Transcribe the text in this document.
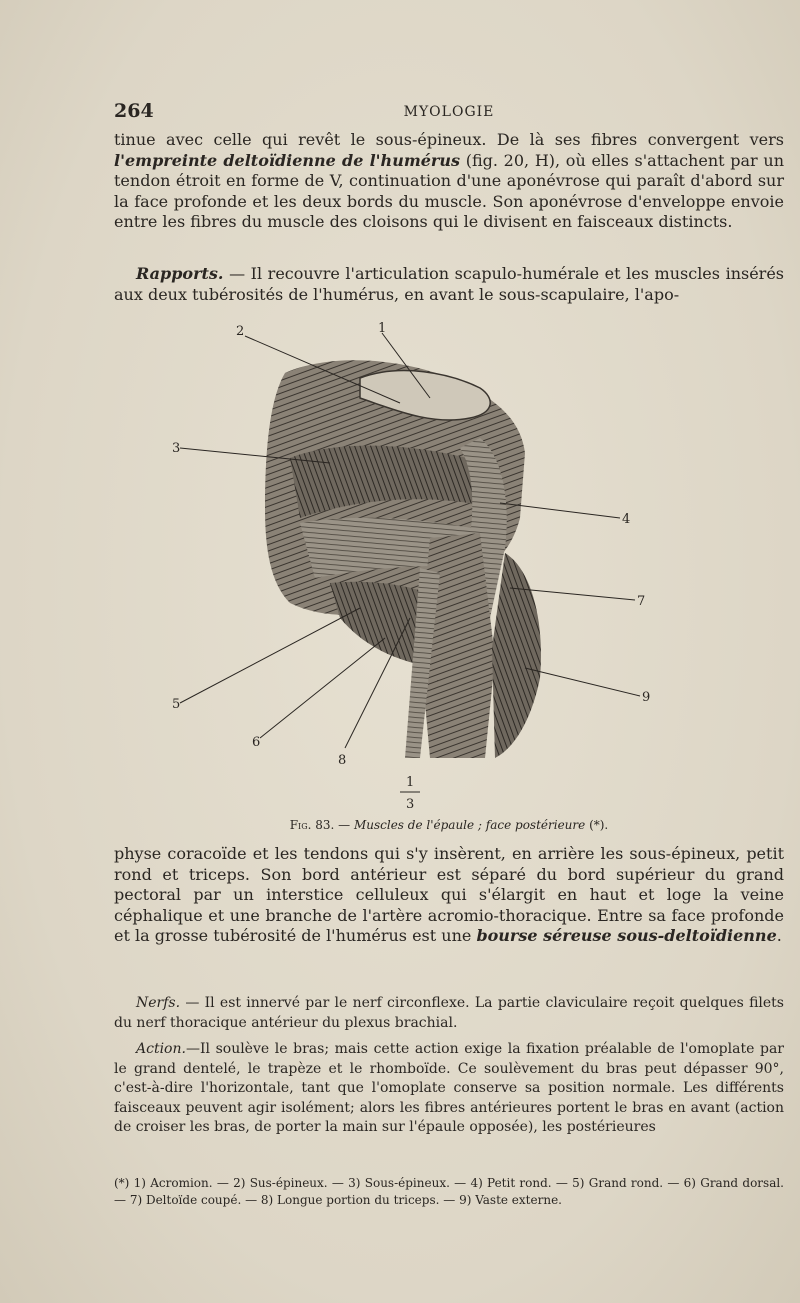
264	MYOLOGIE

tinue avec celle qui revêt le sous-épineux. De là ses fibres convergent vers l'empreinte deltoïdienne de l'humérus (fig. 20, H), où elles s'attachent par un tendon étroit en forme de V, continuation d'une aponévrose qui paraît d'abord sur la face profonde et les deux bords du muscle. Son aponévrose d'enveloppe envoie entre les fibres du muscle des cloisons qui le divisent en faisceaux distincts.

Rapports. — Il recouvre l'articulation scapulo-humérale et les muscles insérés aux deux tubérosités de l'humérus, en avant le sous-scapulaire, l'apo-

1
2
3
4
5
6
7
8
9
1
3
Fig. 83. — Muscles de l'épaule ; face postérieure (*).

physe coracoïde et les tendons qui s'y insèrent, en arrière les sous-épineux, petit rond et triceps. Son bord antérieur est séparé du bord supérieur du grand pectoral par un interstice celluleux qui s'élargit en haut et loge la veine céphalique et une branche de l'artère acromio-thoracique. Entre sa face profonde et la grosse tubérosité de l'humérus est une bourse séreuse sous-deltoïdienne.

Nerfs. — Il est innervé par le nerf circonflexe. La partie claviculaire reçoit quelques filets du nerf thoracique antérieur du plexus brachial.

Action.—Il soulève le bras; mais cette action exige la fixation préalable de l'omoplate par le grand dentelé, le trapèze et le rhomboïde. Ce soulèvement du bras peut dépasser 90°, c'est-à-dire l'horizontale, tant que l'omoplate conserve sa position normale. Les différents faisceaux peuvent agir isolément; alors les fibres antérieures portent le bras en avant (action de croiser les bras, de porter la main sur l'épaule opposée), les postérieures

(*) 1) Acromion. — 2) Sus-épineux. — 3) Sous-épineux. — 4) Petit rond. — 5) Grand rond. — 6) Grand dorsal. — 7) Deltoïde coupé. — 8) Longue portion du triceps. — 9) Vaste externe.
